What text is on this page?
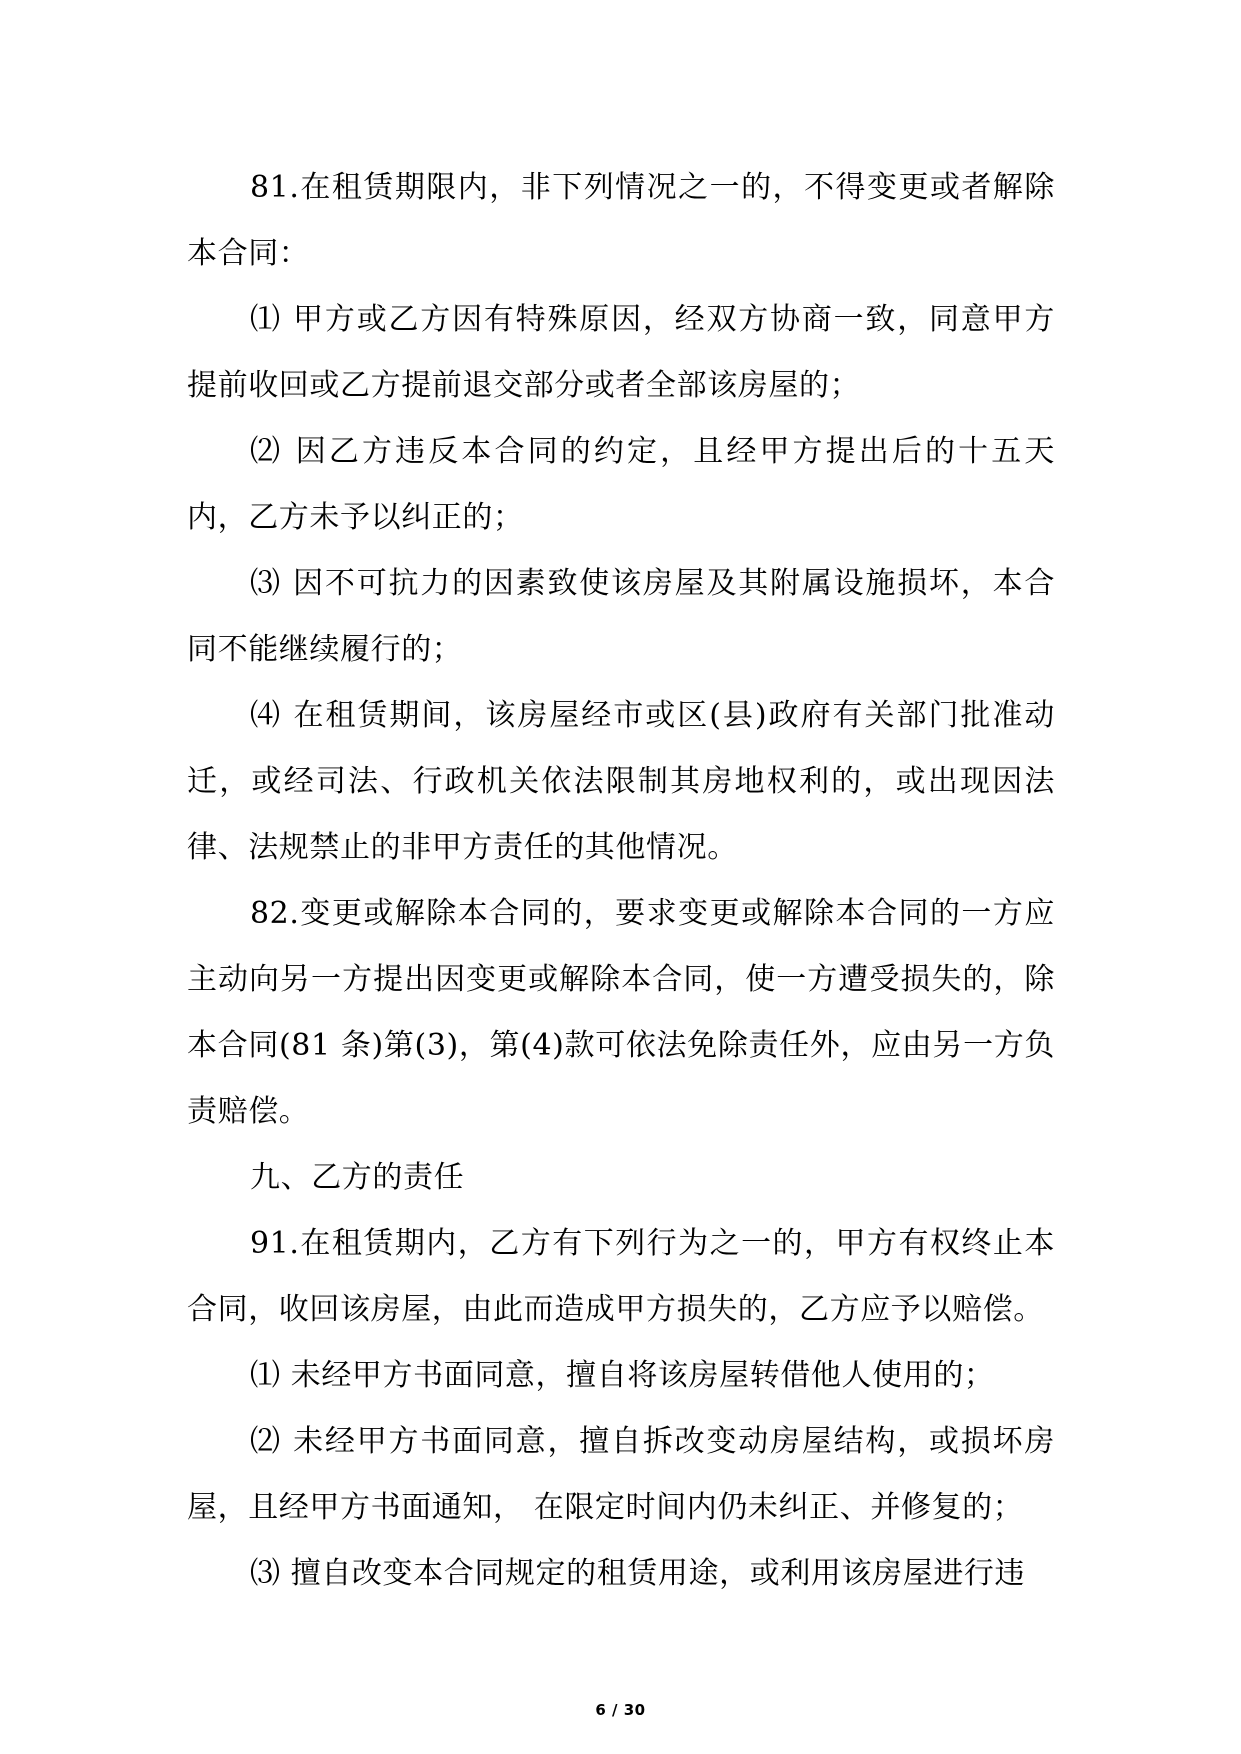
81.在租赁期限内，非下列情况之一的，不得变更或者解除本合同：

⑴ 甲方或乙方因有特殊原因，经双方协商一致，同意甲方提前收回或乙方提前退交部分或者全部该房屋的；

⑵ 因乙方违反本合同的约定，且经甲方提出后的十五天内，乙方未予以纠正的；

⑶ 因不可抗力的因素致使该房屋及其附属设施损坏，本合同不能继续履行的；

⑷ 在租赁期间，该房屋经市或区(县)政府有关部门批准动迁，或经司法、行政机关依法限制其房地权利的，或出现因法律、法规禁止的非甲方责任的其他情况。

82.变更或解除本合同的，要求变更或解除本合同的一方应主动向另一方提出因变更或解除本合同，使一方遭受损失的，除本合同(81 条)第(3)，第(4)款可依法免除责任外，应由另一方负责赔偿。

九、乙方的责任

91.在租赁期内，乙方有下列行为之一的，甲方有权终止本合同，收回该房屋，由此而造成甲方损失的，乙方应予以赔偿。

⑴ 未经甲方书面同意，擅自将该房屋转借他人使用的；

⑵ 未经甲方书面同意，擅自拆改变动房屋结构，或损坏房屋，且经甲方书面通知， 在限定时间内仍未纠正、并修复的；

⑶ 擅自改变本合同规定的租赁用途，或利用该房屋进行违

6 / 30
